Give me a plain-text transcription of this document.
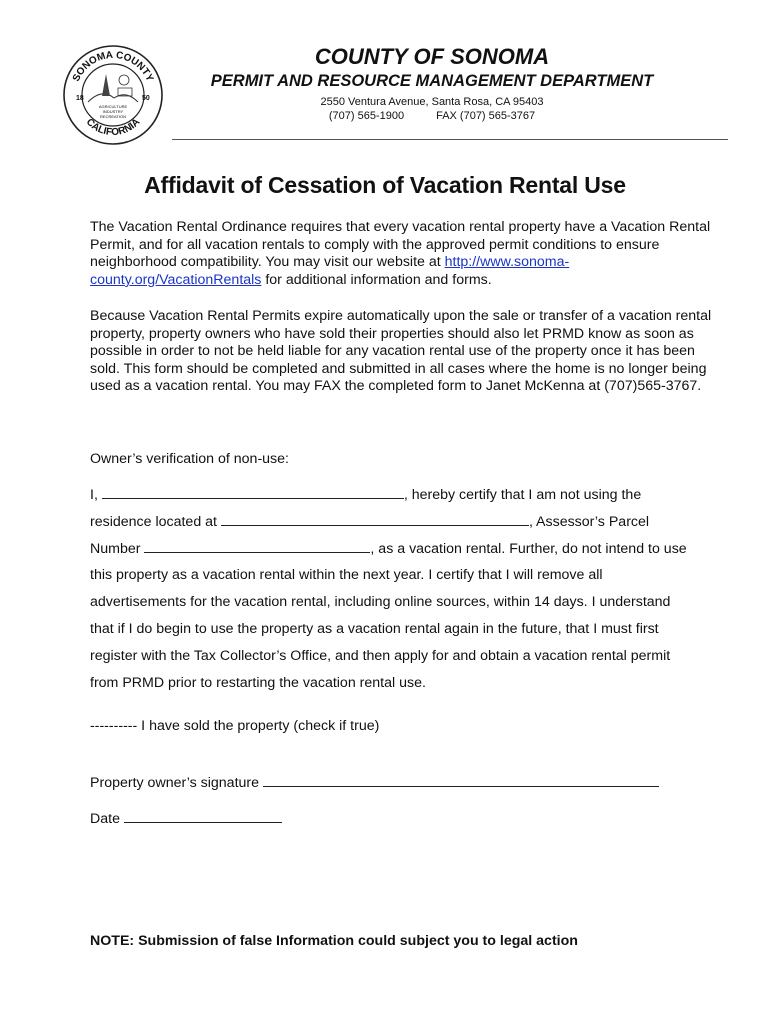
SONOMA COUNTY
CALIFORNIA
18	50
AGRICULTURE
INDUSTRY
RECREATION
COUNTY OF SONOMA
PERMIT AND RESOURCE MANAGEMENT DEPARTMENT
2550 Ventura Avenue, Santa Rosa, CA 95403
(707) 565-1900	FAX (707) 565-3767
Affidavit of Cessation of Vacation Rental Use
The Vacation Rental Ordinance requires that every vacation rental property have a Vacation Rental Permit, and for all vacation rentals to comply with the approved permit conditions to ensure neighborhood compatibility. You may visit our website at http://www.sonoma-county.org/VacationRentals for additional information and forms.
Because Vacation Rental Permits expire automatically upon the sale or transfer of a vacation rental property, property owners who have sold their properties should also let PRMD know as soon as possible in order to not be held liable for any vacation rental use of the property once it has been sold. This form should be completed and submitted in all cases where the home is no longer being used as a vacation rental. You may FAX the completed form to Janet McKenna at (707)565-3767.
Owner’s verification of non-use:
I,	, hereby certify that I am not using the
residence located at	, Assessor’s Parcel
Number	, as a vacation rental. Further, do not intend to use
this property as a vacation rental within the next year. I certify that I will remove all
advertisements for the vacation rental, including online sources, within 14 days. I understand
that if I do begin to use the property as a vacation rental again in the future, that I must first
register with the Tax Collector’s Office, and then apply for and obtain a vacation rental permit
from PRMD prior to restarting the vacation rental use.
---------- I have sold the property (check if true)
Property owner’s signature
Date
NOTE: Submission of false Information could subject you to legal action
